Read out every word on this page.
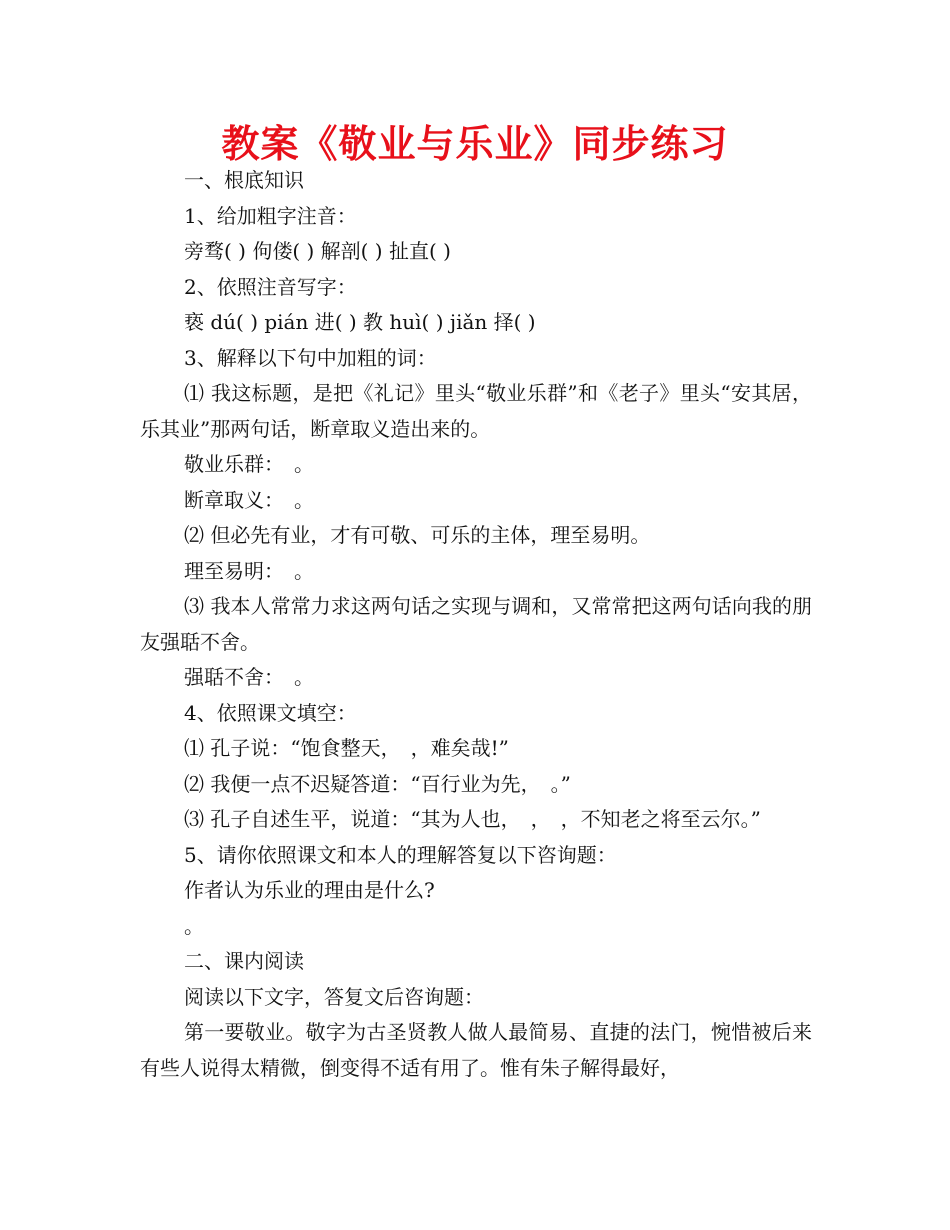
教案《敬业与乐业》同步练习

一、根底知识

1、给加粗字注音：

旁骛( ) 佝偻( ) 解剖( ) 扯直( )

2、依照注音写字：

亵 dú( ) pián 进( ) 教 huì( ) jiǎn 择( )

3、解释以下句中加粗的词：

⑴ 我这标题，是把《礼记》里头“敬业乐群”和《老子》里头“安其居，乐其业”那两句话，断章取义造出来的。

敬业乐群：　。

断章取义：　。

⑵ 但必先有业，才有可敬、可乐的主体，理至易明。

理至易明：　。

⑶ 我本人常常力求这两句话之实现与调和，又常常把这两句话向我的朋友强聒不舍。

强聒不舍：　。

4、依照课文填空：

⑴ 孔子说：“饱食整天，　，难矣哉!”

⑵ 我便一点不迟疑答道：“百行业为先，　。”

⑶ 孔子自述生平，说道：“其为人也，　，　，不知老之将至云尔。”

5、请你依照课文和本人的理解答复以下咨询题：

作者认为乐业的理由是什么?

。

二、课内阅读

阅读以下文字，答复文后咨询题：

第一要敬业。敬字为古圣贤教人做人最简易、直捷的法门，惋惜被后来有些人说得太精微，倒变得不适有用了。惟有朱子解得最好，
